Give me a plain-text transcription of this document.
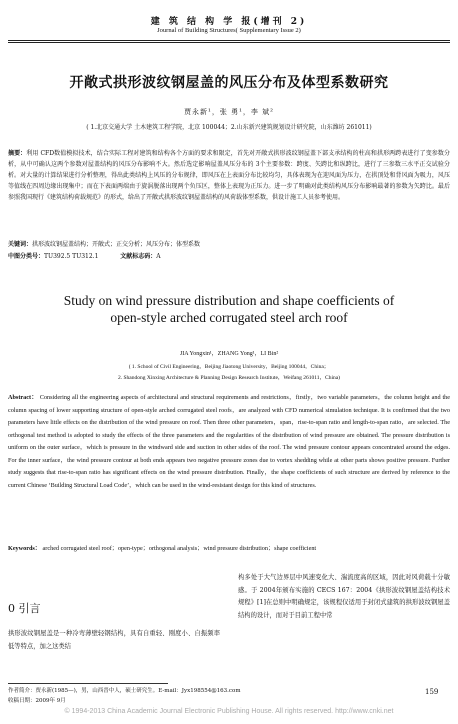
建 筑 结 构 学 报(增刊 2)
Journal of Building Structures( Supplementary Issue 2)
开敞式拱形波纹钢屋盖的风压分布及体型系数研究
贾永新¹，张 勇¹，李 斌²
( 1.北京交通大学 土木建筑工程学院，北京 100044；2.山东新兴建筑规划设计研究院，山东潍坊 261011)
摘要：利用 CFD数值模拟技术，结合实际工程对建筑和结构各个方面的要求和限定，首先对开敞式拱形波纹钢屋盖下部支承结构的柱高和拱形两跨表进行了变参数分析，从中可确认这两个参数对屋盖结构的风压分布影响不大。然后选定影响屋盖风压分布的 3个主要参数：跨度、矢跨比和纵跨比，进行了三参数三水平正交试验分析。对大量的计算结果进行分析整理，得出此类结构上风压的分布规律，即风压在上表面分布比较均匀，具体表现为在迎风面为压力，在拱顶处和背风面为吸力，风压等值线在四周边缘出现集中；而在下表面两端由于旋涡脱落出现两个负压区，整体上表现为正压力。进一步了明确对此类结构风压分布影响最著的参数为矢跨比。最后参照我国现行《建筑结构荷载规范》的形式，给出了开敞式拱形波纹钢屋盖结构的风荷载体型系数，供设计施工人员参考使用。
关键词：拱形波纹钢屋盖结构；开敞式；正交分析；风压分布；体型系数
中图分类号：TU392.5 TU312.1	文献标志码：A
Study on wind pressure distribution and shape coefficients of
open-style arched corrugated steel arch roof
JIA Yongxin¹，ZHANG Yong¹，LI Bin²
( 1. School of Civil Engineering，Beijing Jiaotong University，Beijing 100044，China；
2. Shandong Xinxing Architecture & Planning Design Research Institute，Weifang 261011，China)
Abstract： Considering all the engineering aspects of architectural and structural requirements and restrictions，firstly，two variable parameters，the column height and the column spacing of lower supporting structure of open-style arched corrugated steel roofs，are analyzed with CFD numerical simulation technique. It is confirmed that the two parameters have little effects on the distribution of the wind pressure on roof. Then three other parameters，span，rise-to-span ratio and length-to-span ratio，are selected. The orthogonal test method is adopted to study the effects of the three parameters and the regularities of the distribution of wind pressure are obtained. The pressure distribution is uniform on the outer surface，which is pressure in the windward side and suction in other sides of the roof. The wind pressure contour appears concentrated around the edges. For the inner surface，the wind pressure contour at both ends appears two negative pressure zones due to vortex shedding while at other parts shows positive pressure. Further study suggests that rise-to-span ratio has significant effects on the wind pressure distribution. Finally，the shape coefficients of such structure are derived by reference to the current Chinese ‘Building Structural Load Code’，which can be used in the wind-resistant design for this kind of structures.
Keywords： arched corrugated steel roof；open-type；orthogonal analysis；wind pressure distribution；shape coefficient
0 引言
拱形波纹钢屋盖是一种冷弯薄壁轻钢结构，具有自重轻、刚度小、自振频率低等特点，加之这类结
构多处于大气边界层中风速变化大、湍流度高的区域，因此对风荷载十分敏感。于 2004年颁布实施的 CECS 167：2004《拱形波纹钢屋盖结构技术规程》[1]在总则中明确规定，该规程仅适用于封闭式建筑的拱形波纹钢屋盖结构的设计，而对于目前工程中常
作者简介：贾永新(1985—)，男，山西晋中人，硕士研究生。E-mail：Jyx198554@163.com
收稿日期：2009年 9月
159
© 1994-2013 China Academic Journal Electronic Publishing House. All rights reserved. http://www.cnki.net
